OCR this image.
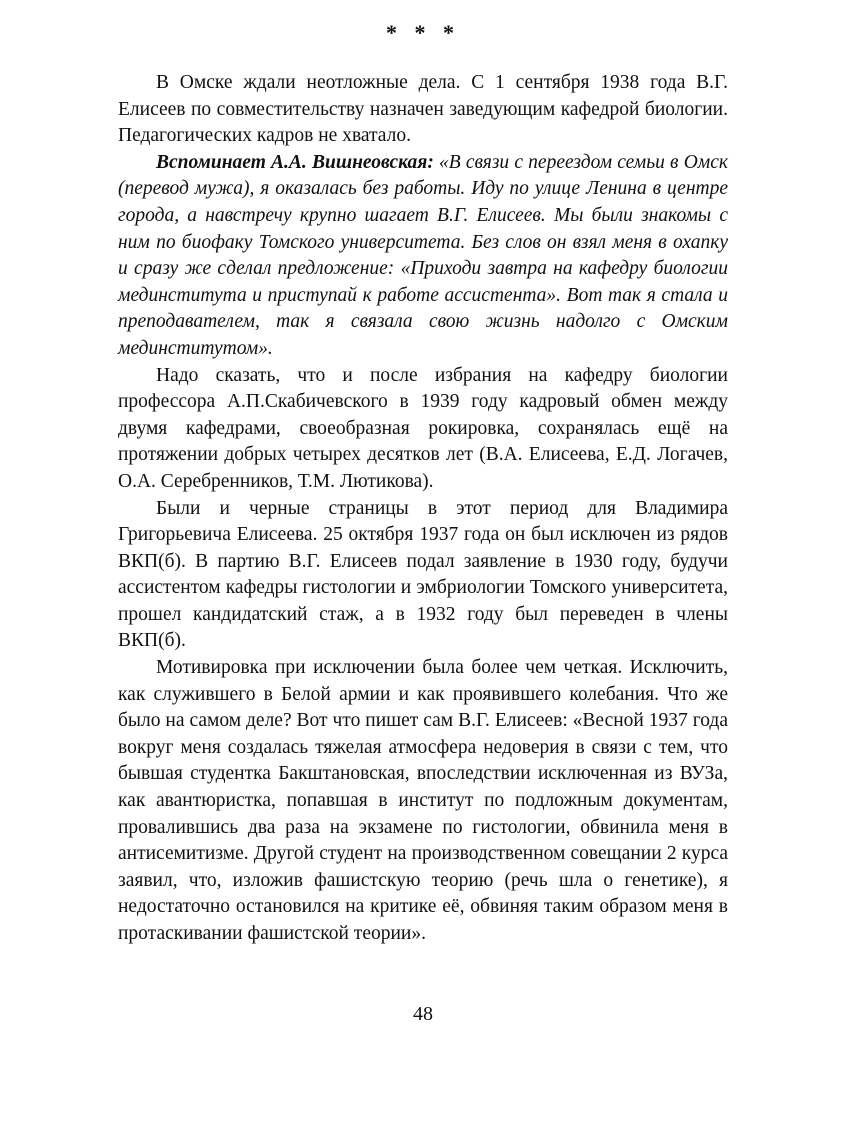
* * *

В Омске ждали неотложные дела. С 1 сентября 1938 года В.Г. Елисеев по совместительству назначен заведующим кафедрой биологии. Педагогических кадров не хватало.

Вспоминает А.А. Вишнеовская: «В связи с переездом семьи в Омск (перевод мужа), я оказалась без работы. Иду по улице Ленина в центре города, а навстречу крупно шагает В.Г. Елисеев. Мы были знакомы с ним по биофаку Томского университета. Без слов он взял меня в охапку и сразу же сделал предложение: «Приходи завтра на кафедру биологии мединститута и приступай к работе ассистента». Вот так я стала и преподавателем, так я связала свою жизнь надолго с Омским мединститутом».

Надо сказать, что и после избрания на кафедру биологии профессора А.П.Скабичевского в 1939 году кадровый обмен между двумя кафедрами, своеобразная рокировка, сохранялась ещё на протяжении добрых четырех десятков лет (В.А. Елисеева, Е.Д. Логачев, О.А. Серебренников, Т.М. Лютикова).

Были и черные страницы в этот период для Владимира Григорьевича Елисеева. 25 октября 1937 года он был исключен из рядов ВКП(б). В партию В.Г. Елисеев подал заявление в 1930 году, будучи ассистентом кафедры гистологии и эмбриологии Томского университета, прошел кандидатский стаж, а в 1932 году был переведен в члены ВКП(б).

Мотивировка при исключении была более чем четкая. Исключить, как служившего в Белой армии и как проявившего колебания. Что же было на самом деле? Вот что пишет сам В.Г. Елисеев: «Весной 1937 года вокруг меня создалась тяжелая атмосфера недоверия в связи с тем, что бывшая студентка Бакштановская, впоследствии исключенная из ВУЗа, как авантюристка, попавшая в институт по подложным документам, провалившись два раза на экзамене по гистологии, обвинила меня в антисемитизме. Другой студент на производственном совещании 2 курса заявил, что, изложив фашистскую теорию (речь шла о генетике), я недостаточно остановился на критике её, обвиняя таким образом меня в протаскивании фашистской теории».

48
